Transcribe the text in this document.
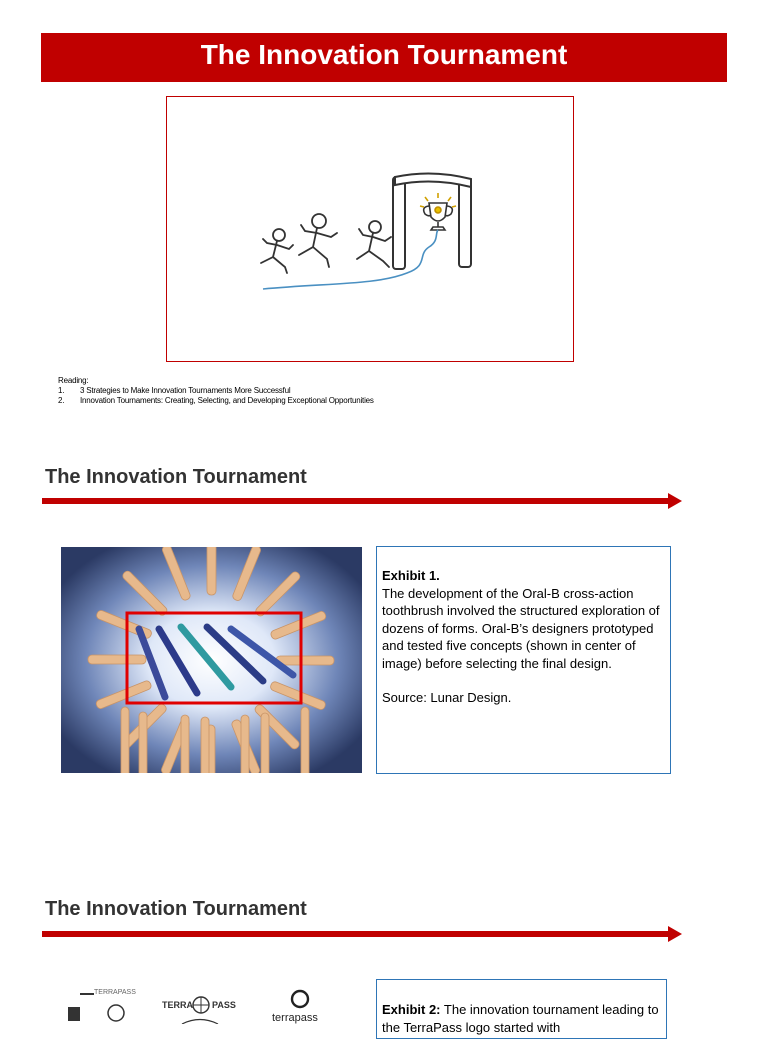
The Innovation Tournament
Reading:
1. 3 Strategies to Make Innovation Tournaments More Successful
2. Innovation Tournaments: Creating, Selecting, and Developing Exceptional Opportunities
The Innovation Tournament
Exhibit 1.
The development of the Oral-B cross-action toothbrush involved the structured exploration of dozens of forms. Oral-B’s designers prototyped and tested five concepts (shown in center of image) before selecting the final design.
Source: Lunar Design.
The Innovation Tournament
TERRAPASS
TERRA PASS
terrapass
Exhibit 2: The innovation tournament leading to the TerraPass logo started with
